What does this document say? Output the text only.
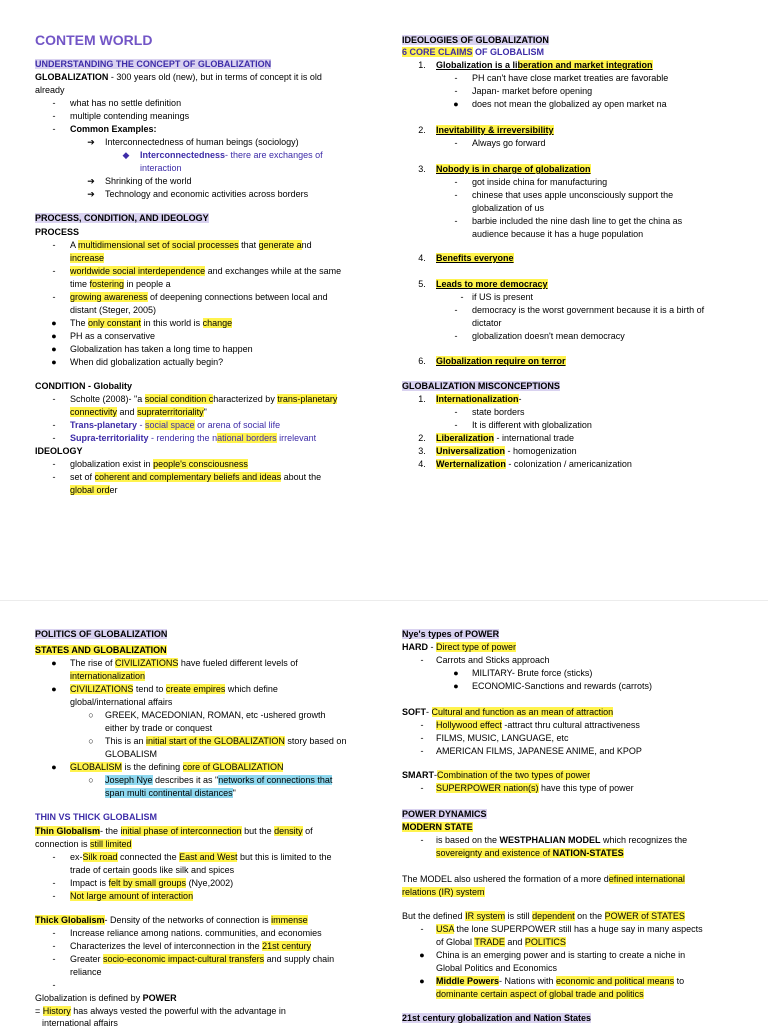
CONTEM WORLD
UNDERSTANDING THE CONCEPT OF GLOBALIZATION
GLOBALIZATION - 300 years old (new), but in terms of concept it is old
already
-	what has no settle definition
-	multiple contending meanings
-	Common Examples:
➔	Interconnectedness of human beings (sociology)
◆	Interconnectedness- there are exchanges of
interaction
➔	Shrinking of the world
➔	Technology and economic activities across borders
PROCESS, CONDITION, AND IDEOLOGY
PROCESS
-	A multidimensional set of social processes that generate and
increase
-	worldwide social interdependence and exchanges while at the same
time fostering in people a
-	growing awareness of deepening connections between local and
distant (Steger, 2005)
●	The only constant in this world is change
●	PH as a conservative
●	Globalization has taken a long time to happen
●	When did globalization actually begin?
CONDITION - Globality
-	Scholte (2008)- "a social condition characterized by trans-planetary
connectivity and supraterritoriality"
-	Trans-planetary - social space or arena of social life
-	Supra-territoriality - rendering the national borders irrelevant
IDEOLOGY
-	globalization exist in people's consciousness
-	set of coherent and complementary beliefs and ideas about the
global order
IDEOLOGIES OF GLOBALIZATION
6 CORE CLAIMS OF GLOBALISM
1.	Globalization is a liberation and market integration
-	PH can't have close market treaties are favorable
-	Japan- market before opening
●	does not mean the globalized ay open market na
2.	Inevitability & irreversibility
-	Always go forward
3.	Nobody is in charge of globalization
-	got inside china for manufacturing
-	chinese that uses apple unconsciously support the
globalization of us
-	barbie included the nine dash line to get the china as
audience because it has a huge population
4.	Benefits everyone
5.	Leads to more democracy
- if US is present
-	democracy is the worst government because it is a birth of
dictator
-	globalization doesn't mean democracy
6.	Globalization require on terror
GLOBALIZATION MISCONCEPTIONS
1.	Internationalization-
-	state borders
-	It is different with globalization
2.	Liberalization - international trade
3.	Universalization - homogenization
4.	Werternalization - colonization / americanization
POLITICS OF GLOBALIZATION
STATES AND GLOBALIZATION
●	The rise of CIVILIZATIONS have fueled different levels of
internationalization
●	CIVILIZATIONS tend to create empires which define
global/international affairs
○	GREEK, MACEDONIAN, ROMAN, etc -ushered growth
either by trade or conquest
○	This is an initial start of the GLOBALIZATION story based on
GLOBALISM
●	GLOBALISM is the defining core of GLOBALIZATION
○	Joseph Nye describes it as "networks of connections that
span multi continental distances"
THIN VS THICK GLOBALISM
Thin Globalism- the initial phase of interconnection but the density of
connection is still limited
-	ex-Silk road connected the East and West but this is limited to the
trade of certain goods like silk and spices
-	Impact is felt by small groups (Nye,2002)
-	Not large amount of interaction
Thick Globalism- Density of the networks of connection is immense
-	Increase reliance among nations. communities, and economies
-	Characterizes the level of interconnection in the 21st century
-	Greater socio-economic impact-cultural transfers and supply chain
reliance
-
Globalization is defined by POWER
= History has always vested the powerful with the advantage in
international affairs
Nye's types of POWER
HARD - Direct type of power
-	Carrots and Sticks approach
●	MILITARY- Brute force (sticks)
●	ECONOMIC-Sanctions and rewards (carrots)
SOFT- Cultural and function as an mean of attraction
-	Hollywood effect -attract thru cultural attractiveness
-	FILMS, MUSIC, LANGUAGE, etc
-	AMERICAN FILMS, JAPANESE ANIME, and KPOP
SMART-Combination of the two types of power
-	SUPERPOWER nation(s) have this type of power
POWER DYNAMICS
MODERN STATE
-	is based on the WESTPHALIAN MODEL which recognizes the
sovereignty and existence of NATION-STATES
The MODEL also ushered the formation of a more defined international
relations (IR) system
But the defined IR system is still dependent on the POWER of STATES
-	USA the lone SUPERPOWER still has a huge say in many aspects
of Global TRADE and POLITICS
●	China is an emerging power and is starting to create a niche in
Global Politics and Economics
●	Middle Powers- Nations with economic and political means to
dominante certain aspect of global trade and politics
21st century globalization and Nation States
